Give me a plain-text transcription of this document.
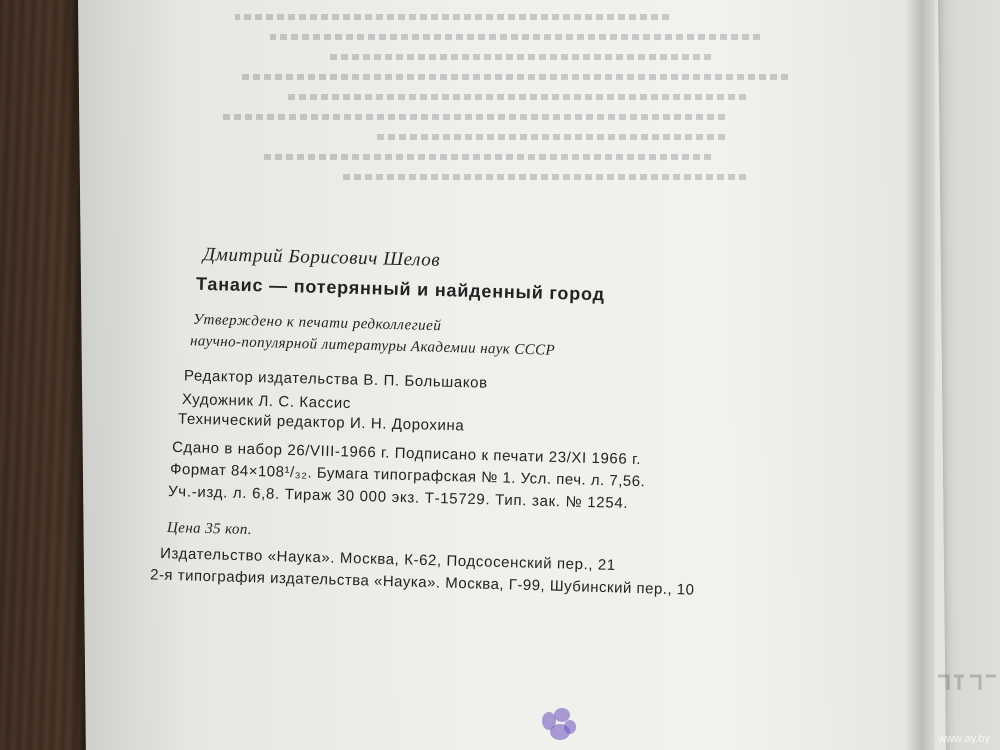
Дмитрий Борисович Шелов
Танаис — потерянный и найденный город
Утверждено к печати редколлегией
научно-популярной литературы Академии наук СССР
Редактор издательства В. П. Большаков
Художник Л. С. Кассис
Технический редактор И. Н. Дорохина
Сдано в набор 26/VIII-1966 г. Подписано к печати 23/XI 1966 г.
Формат 84×108¹/₃₂. Бумага типографская № 1. Усл. печ. л. 7,56.
Уч.-изд. л. 6,8. Тираж 30 000 экз. Т-15729. Тип. зак. № 1254.
Цена 35 коп.
Издательство «Наука». Москва, К-62, Подсосенский пер., 21
2-я типография издательства «Наука». Москва, Г-99, Шубинский пер., 10
www.ay.by
